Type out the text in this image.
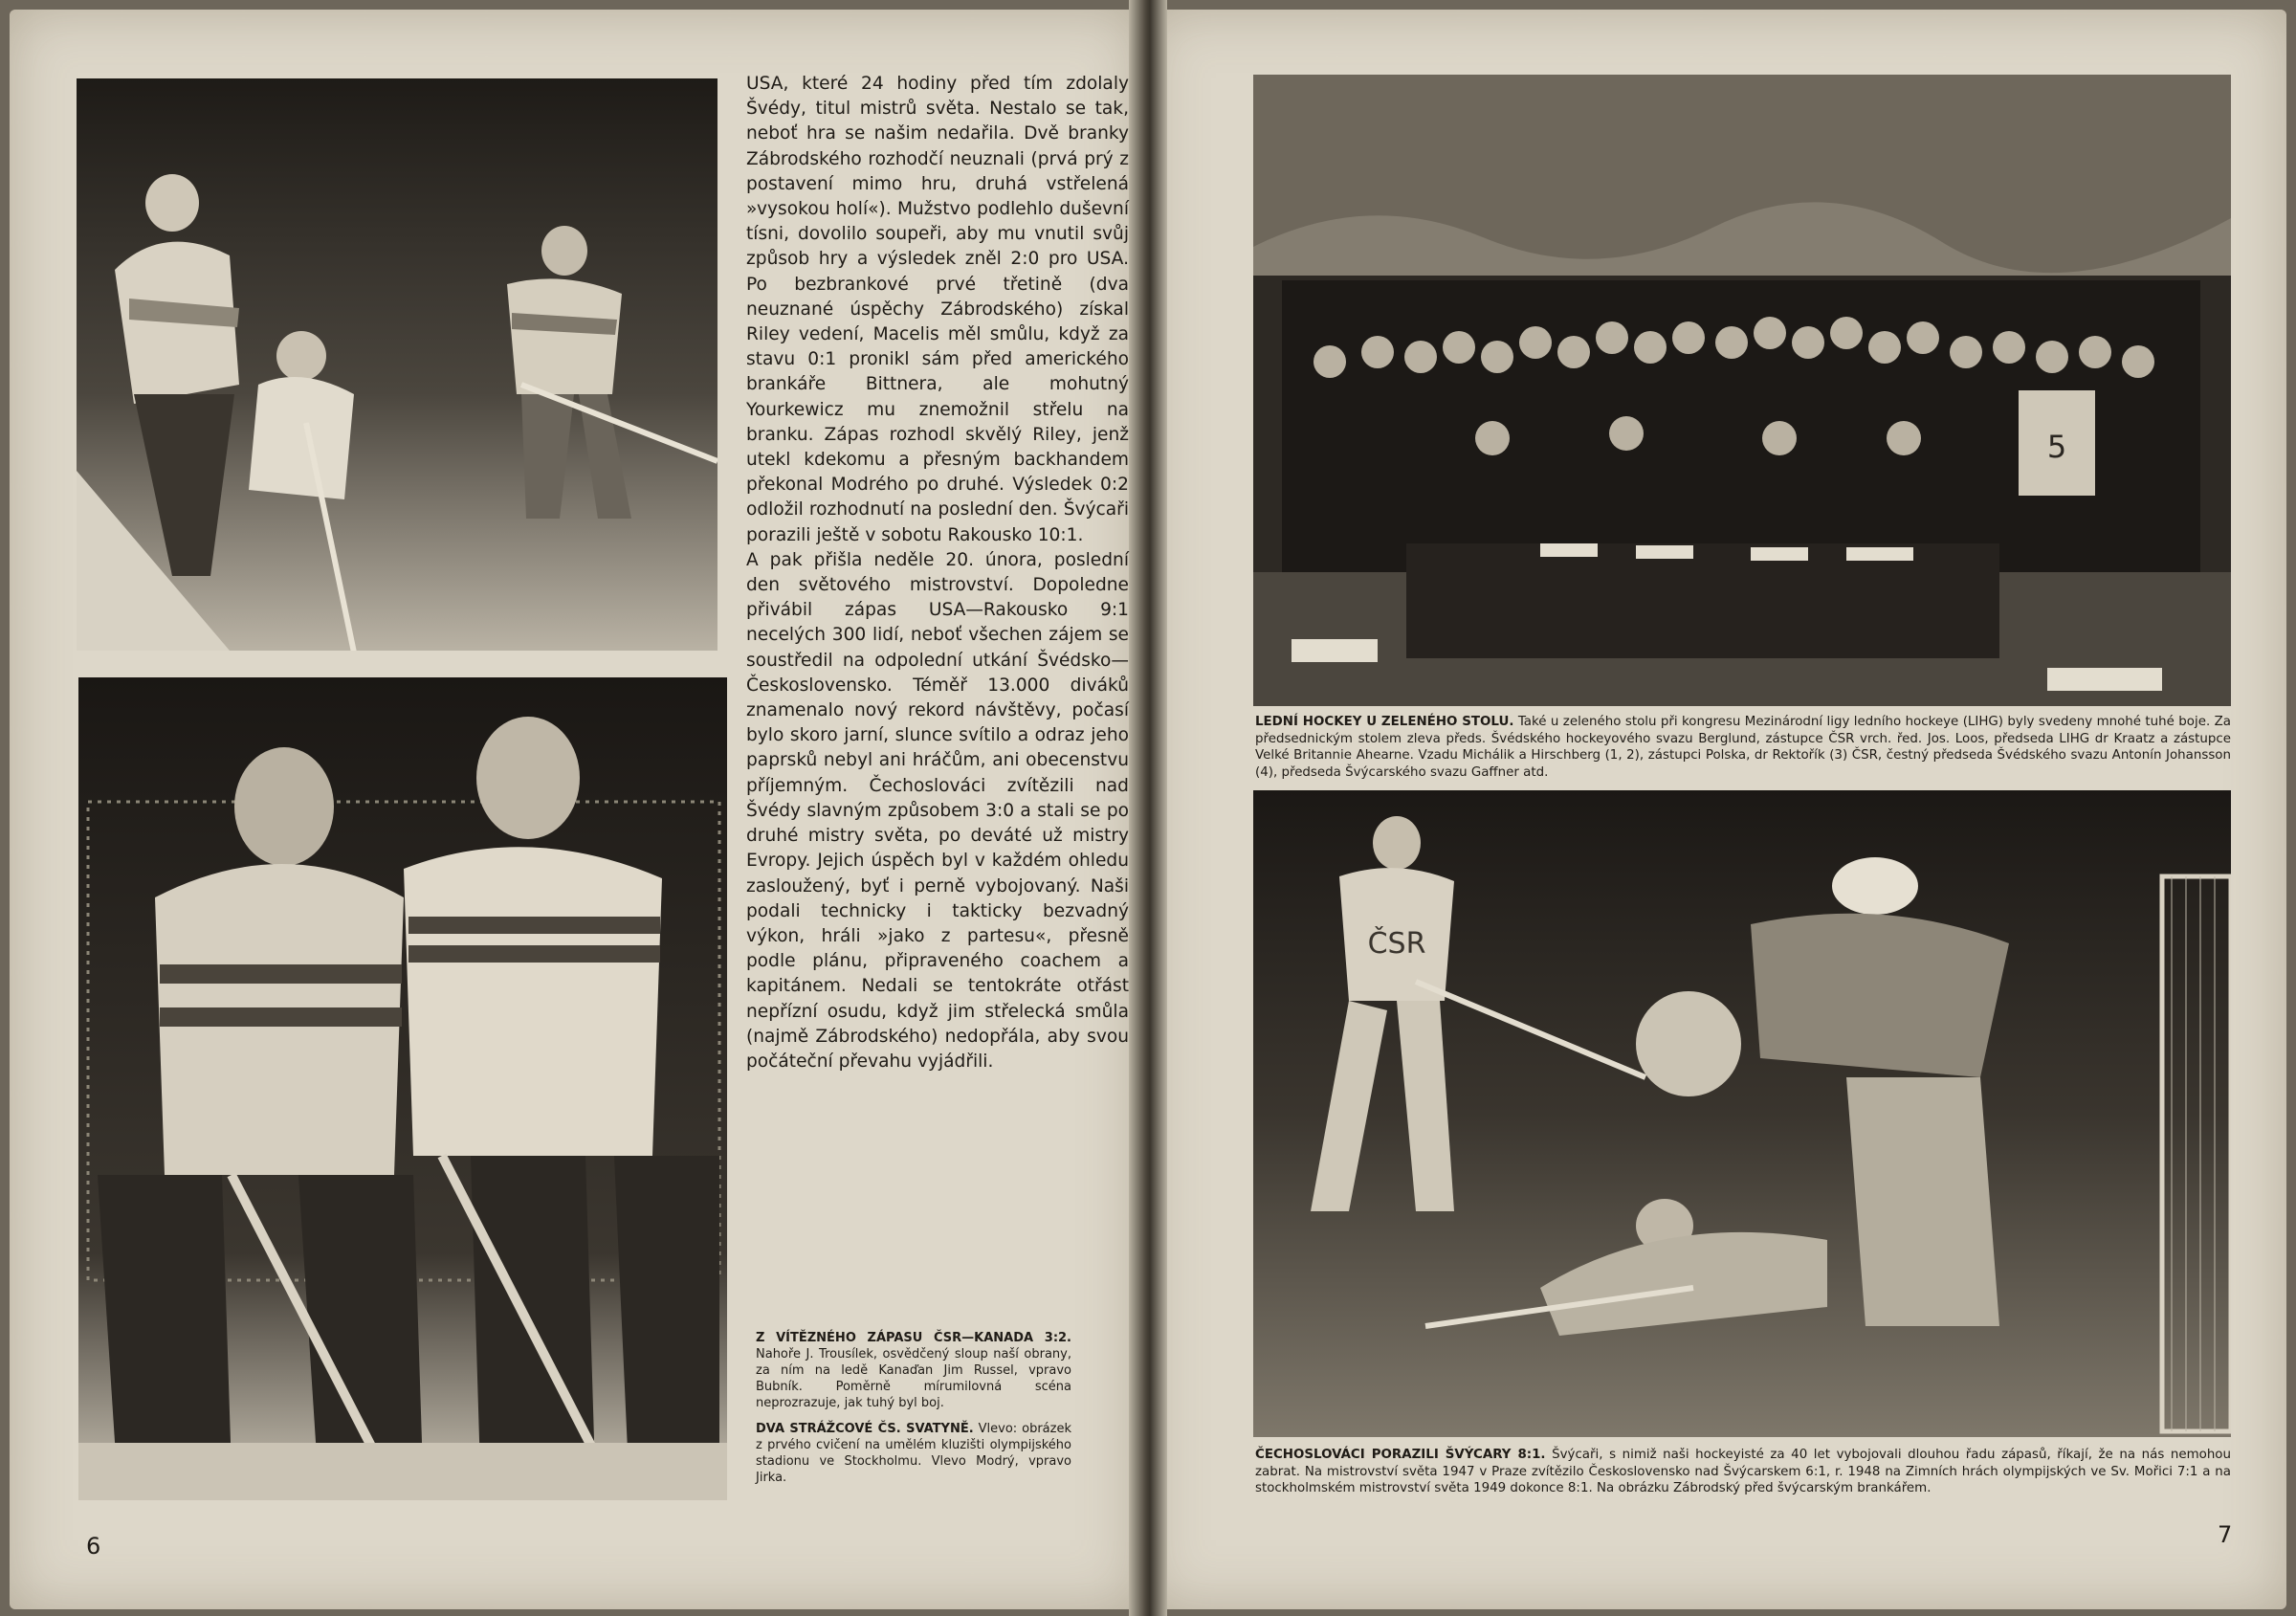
USA, které 24 hodiny před tím zdolaly Švédy, titul mistrů světa. Nestalo se tak, neboť hra se našim nedařila. Dvě branky Zábrodského rozhodčí neuznali (prvá prý z postavení mimo hru, druhá vstřelená »vysokou holí«). Mužstvo podlehlo duševní tísni, dovolilo soupeři, aby mu vnutil svůj způsob hry a výsledek zněl 2:0 pro USA. Po bezbrankové prvé třetině (dva neuznané úspěchy Zábrodského) získal Riley vedení, Macelis měl smůlu, když za stavu 0:1 pronikl sám před amerického brankáře Bittnera, ale mohutný Yourkewicz mu znemožnil střelu na branku. Zápas rozhodl skvělý Riley, jenž utekl kdekomu a přesným backhandem překonal Modrého po druhé. Výsledek 0:2 odložil rozhodnutí na poslední den. Švýcaři porazili ještě v sobotu Rakousko 10:1.

A pak přišla neděle 20. února, poslední den světového mistrovství. Dopoledne přivábil zápas USA—Rakousko 9:1 necelých 300 lidí, neboť všechen zájem se soustředil na odpolední utkání Švédsko—Československo. Téměř 13.000 diváků znamenalo nový rekord návštěvy, počasí bylo skoro jarní, slunce svítilo a odraz jeho paprsků nebyl ani hráčům, ani obecenstvu příjemným. Čechoslováci zvítězili nad Švédy slavným způsobem 3:0 a stali se po druhé mistry světa, po deváté už mistry Evropy. Jejich úspěch byl v každém ohledu zasloužený, byť i perně vybojovaný. Naši podali technicky i takticky bezvadný výkon, hráli »jako z partesu«, přesně podle plánu, připraveného coachem a kapitánem. Nedali se tentokráte otřást nepřízní osudu, když jim střelecká smůla (najmě Zábrodského) nedopřála, aby svou počáteční převahu vyjádřili.

Z VÍTĚZNÉHO ZÁPASU ČSR—KANADA 3:2. Nahoře J. Trousílek, osvědčený sloup naší obrany, za ním na ledě Kanaďan Jim Russel, vpravo Bubník. Poměrně mírumilovná scéna neprozrazuje, jak tuhý byl boj.

DVA STRÁŽCOVÉ ČS. SVATYNĚ. Vlevo: obrázek z prvého cvičení na umělém kluzišti olympijského stadionu ve Stockholmu. Vlevo Modrý, vpravo Jirka.

6
5
LEDNÍ HOCKEY U ZELENÉHO STOLU. Také u zeleného stolu při kongresu Mezinárodní ligy ledního hockeye (LIHG) byly svedeny mnohé tuhé boje. Za předsednickým stolem zleva předs. Švédského hockeyového svazu Berglund, zástupce ČSR vrch. řed. Jos. Loos, předseda LIHG dr Kraatz a zástupce Velké Britannie Ahearne. Vzadu Michálik a Hirschberg (1, 2), zástupci Polska, dr Rektořík (3) ČSR, čestný předseda Švédského svazu Antonín Johansson (4), předseda Švýcarského svazu Gaffner atd.
ČSR
ČECHOSLOVÁCI PORAZILI ŠVÝCARY 8:1. Švýcaři, s nimiž naši hockeyisté za 40 let vybojovali dlouhou řadu zápasů, říkají, že na nás nemohou zabrat. Na mistrovství světa 1947 v Praze zvítězilo Československo nad Švýcarskem 6:1, r. 1948 na Zimních hrách olympijských ve Sv. Mořici 7:1 a na stockholmském mistrovství světa 1949 dokonce 8:1. Na obrázku Zábrodský před švýcarským brankářem.
7
